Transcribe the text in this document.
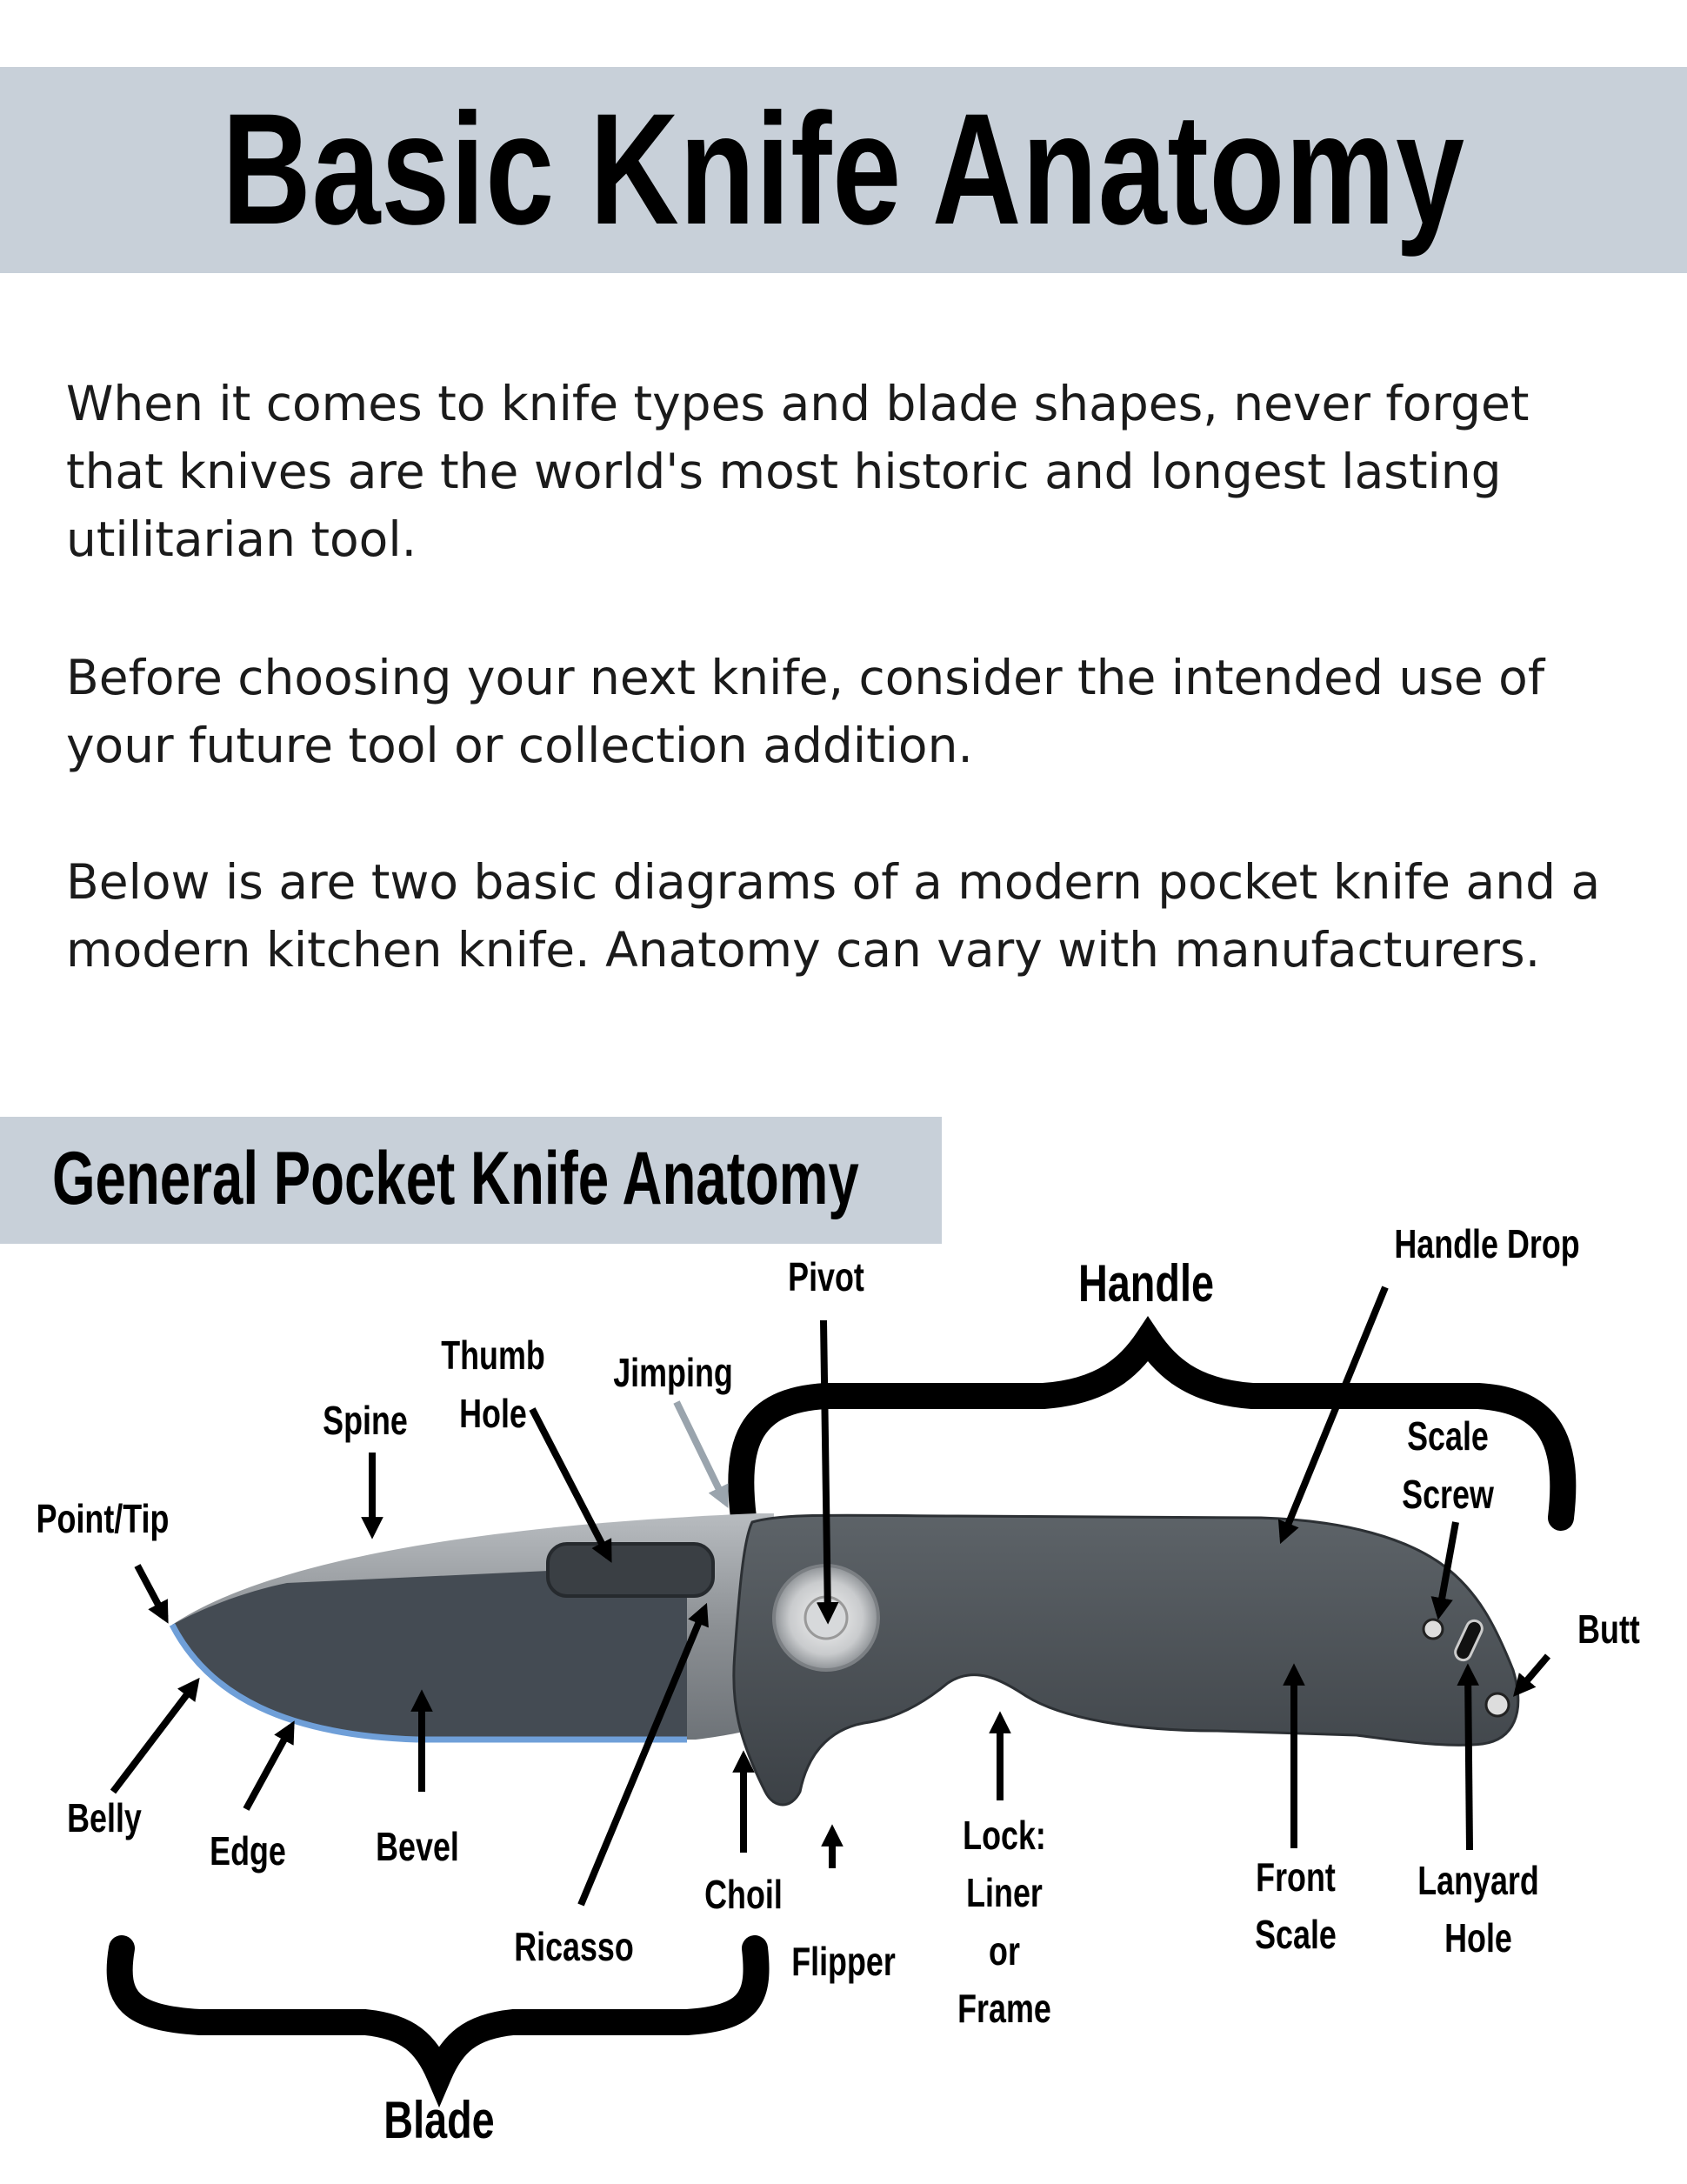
Basic Knife Anatomy
When it comes to knife types and blade shapes, never forget that knives are the world's most historic and longest lasting utilitarian tool.
Before choosing your next knife, consider the intended use of your future tool or collection addition.
Below is are two basic diagrams of a modern pocket knife and a modern kitchen knife. Anatomy can vary with manufacturers.
General Pocket Knife Anatomy
Handle
Pivot
Handle Drop
Thumb
Hole
Jimping
Spine
Point/Tip
Scale
Screw
Butt
Belly
Edge Bevel
Ricasso
Choil
Flipper
Lock:
Liner
or
Frame
Front
Scale
Lanyard
Hole
Blade
